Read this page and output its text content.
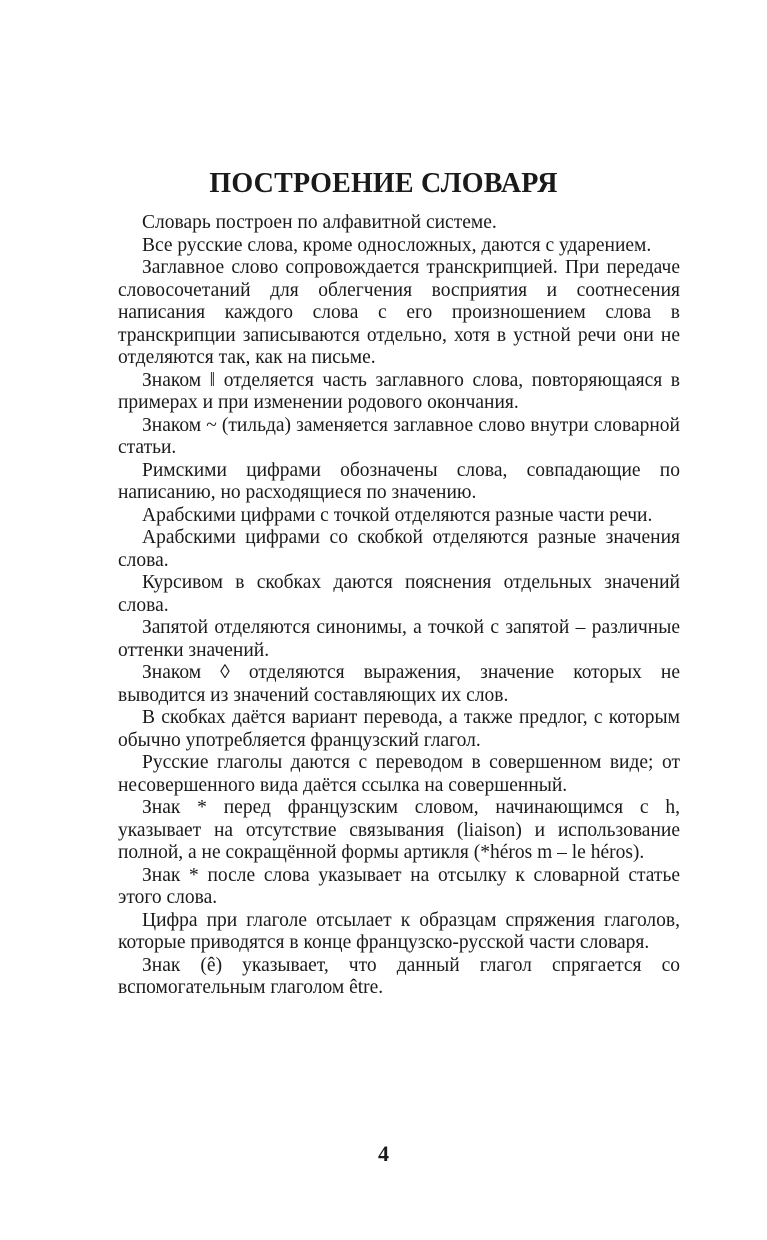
ПОСТРОЕНИЕ СЛОВАРЯ

Словарь построен по алфавитной системе.

Все русские слова, кроме односложных, даются с ударением.

Заглавное слово сопровождается транскрипцией. При передаче словосочетаний для облегчения восприятия и соотнесения написания каждого слова с его произношением слова в транскрипции записываются отдельно, хотя в устной речи они не отделяются так, как на письме.

Знаком ‖ отделяется часть заглавного слова, повторяющаяся в примерах и при изменении родового окончания.

Знаком ~ (тильда) заменяется заглавное слово внутри словарной статьи.

Римскими цифрами обозначены слова, совпадающие по написанию, но расходящиеся по значению.

Арабскими цифрами с точкой отделяются разные части речи.

Арабскими цифрами со скобкой отделяются разные значения слова.

Курсивом в скобках даются пояснения отдельных значений слова.

Запятой отделяются синонимы, а точкой с запятой – различные оттенки значений.

Знаком ◊ отделяются выражения, значение которых не выводится из значений составляющих их слов.

В скобках даётся вариант перевода, а также предлог, с которым обычно употребляется французский глагол.

Русские глаголы даются с переводом в совершенном виде; от несовершенного вида даётся ссылка на совершенный.

Знак * перед французским словом, начинающимся с h, указывает на отсутствие связывания (liaison) и использование полной, а не сокращённой формы артикля (*héros m – le héros).

Знак * после слова указывает на отсылку к словарной статье этого слова.

Цифра при глаголе отсылает к образцам спряжения глаголов, которые приводятся в конце французско-русской части словаря.

Знак (ê) указывает, что данный глагол спрягается со вспомогательным глаголом être.

4
